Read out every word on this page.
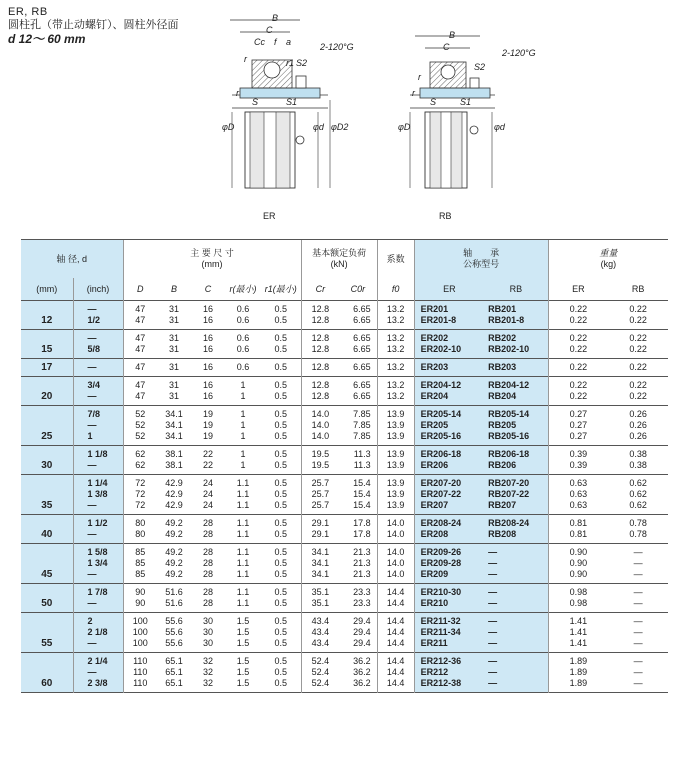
ER, RB
圆柱孔（带止动螺钉）、圆柱外径面
d 12～ 60 mm
B
C
Cc f a
r	r1 S2
2-120°G
r
S	S1
φD	φd φD2
ER
B
C
2-120°G
S2
r
r
S	S1
φD	φd
RB
轴 径, d		主 要 尺 寸
(mm)					基本额定负荷
(kN)		系数	轴　　承
公称型号		重量
(kg)	
(mm)	(inch)	D	B	C	r(最小)	r1(最小)	Cr	C0r	f0	ER	RB	ER	RB
	—	47	31	16	0.6	0.5	12.8	6.65	13.2	ER201	RB201	0.22	0.22
12	1/2	47	31	16	0.6	0.5	12.8	6.65	13.2	ER201-8	RB201-8	0.22	0.22
	—	47	31	16	0.6	0.5	12.8	6.65	13.2	ER202	RB202	0.22	0.22
15	5/8	47	31	16	0.6	0.5	12.8	6.65	13.2	ER202-10	RB202-10	0.22	0.22
17	—	47	31	16	0.6	0.5	12.8	6.65	13.2	ER203	RB203	0.22	0.22
	3/4	47	31	16	1	0.5	12.8	6.65	13.2	ER204-12	RB204-12	0.22	0.22
20	—	47	31	16	1	0.5	12.8	6.65	13.2	ER204	RB204	0.22	0.22
	7/8	52	34.1	19	1	0.5	14.0	7.85	13.9	ER205-14	RB205-14	0.27	0.26
	—	52	34.1	19	1	0.5	14.0	7.85	13.9	ER205	RB205	0.27	0.26
25	1	52	34.1	19	1	0.5	14.0	7.85	13.9	ER205-16	RB205-16	0.27	0.26
	1 1/8	62	38.1	22	1	0.5	19.5	11.3	13.9	ER206-18	RB206-18	0.39	0.38
30	—	62	38.1	22	1	0.5	19.5	11.3	13.9	ER206	RB206	0.39	0.38
	1 1/4	72	42.9	24	1.1	0.5	25.7	15.4	13.9	ER207-20	RB207-20	0.63	0.62
	1 3/8	72	42.9	24	1.1	0.5	25.7	15.4	13.9	ER207-22	RB207-22	0.63	0.62
35	—	72	42.9	24	1.1	0.5	25.7	15.4	13.9	ER207	RB207	0.63	0.62
	1 1/2	80	49.2	28	1.1	0.5	29.1	17.8	14.0	ER208-24	RB208-24	0.81	0.78
40	—	80	49.2	28	1.1	0.5	29.1	17.8	14.0	ER208	RB208	0.81	0.78
	1 5/8	85	49.2	28	1.1	0.5	34.1	21.3	14.0	ER209-26	—	0.90	—
	1 3/4	85	49.2	28	1.1	0.5	34.1	21.3	14.0	ER209-28	—	0.90	—
45	—	85	49.2	28	1.1	0.5	34.1	21.3	14.0	ER209	—	0.90	—
	1 7/8	90	51.6	28	1.1	0.5	35.1	23.3	14.4	ER210-30	—	0.98	—
50	—	90	51.6	28	1.1	0.5	35.1	23.3	14.4	ER210	—	0.98	—
	2	100	55.6	30	1.5	0.5	43.4	29.4	14.4	ER211-32	—	1.41	—
	2 1/8	100	55.6	30	1.5	0.5	43.4	29.4	14.4	ER211-34	—	1.41	—
55	—	100	55.6	30	1.5	0.5	43.4	29.4	14.4	ER211	—	1.41	—
	2 1/4	110	65.1	32	1.5	0.5	52.4	36.2	14.4	ER212-36	—	1.89	—
	—	110	65.1	32	1.5	0.5	52.4	36.2	14.4	ER212	—	1.89	—
60	2 3/8	110	65.1	32	1.5	0.5	52.4	36.2	14.4	ER212-38	—	1.89	—
